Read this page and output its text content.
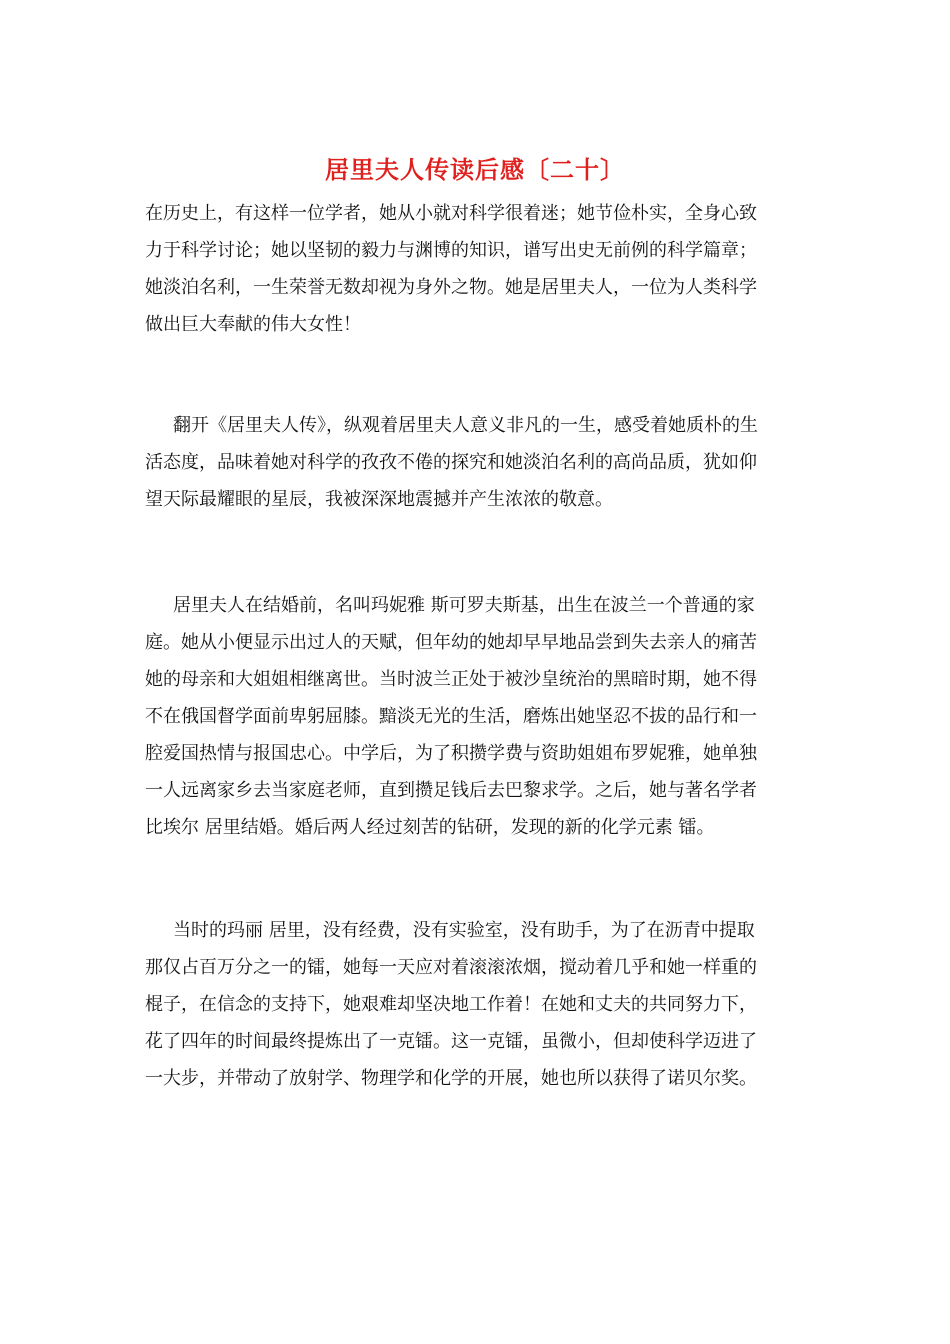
居里夫人传读后感〔二十〕
在历史上，有这样一位学者，她从小就对科学很着迷；她节俭朴实，全身心致
力于科学讨论；她以坚韧的毅力与渊博的知识，谱写出史无前例的科学篇章；
她淡泊名利，一生荣誉无数却视为身外之物。她是居里夫人，一位为人类科学
做出巨大奉献的伟大女性！
翻开《居里夫人传》，纵观着居里夫人意义非凡的一生，感受着她质朴的生
活态度，品味着她对科学的孜孜不倦的探究和她淡泊名利的高尚品质，犹如仰
望天际最耀眼的星辰，我被深深地震撼并产生浓浓的敬意。
居里夫人在结婚前，名叫玛妮雅 斯可罗夫斯基，出生在波兰一个普通的家
庭。她从小便显示出过人的天赋，但年幼的她却早早地品尝到失去亲人的痛苦
她的母亲和大姐姐相继离世。当时波兰正处于被沙皇统治的黑暗时期，她不得
不在俄国督学面前卑躬屈膝。黯淡无光的生活，磨炼出她坚忍不拔的品行和一
腔爱国热情与报国忠心。中学后，为了积攒学费与资助姐姐布罗妮雅，她单独
一人远离家乡去当家庭老师，直到攒足钱后去巴黎求学。之后，她与著名学者
比埃尔 居里结婚。婚后两人经过刻苦的钻研，发现的新的化学元素 镭。
当时的玛丽 居里，没有经费，没有实验室，没有助手，为了在沥青中提取
那仅占百万分之一的镭，她每一天应对着滚滚浓烟，搅动着几乎和她一样重的
棍子，在信念的支持下，她艰难却坚决地工作着！在她和丈夫的共同努力下，
花了四年的时间最终提炼出了一克镭。这一克镭，虽微小，但却使科学迈进了
一大步，并带动了放射学、物理学和化学的开展，她也所以获得了诺贝尔奖。
